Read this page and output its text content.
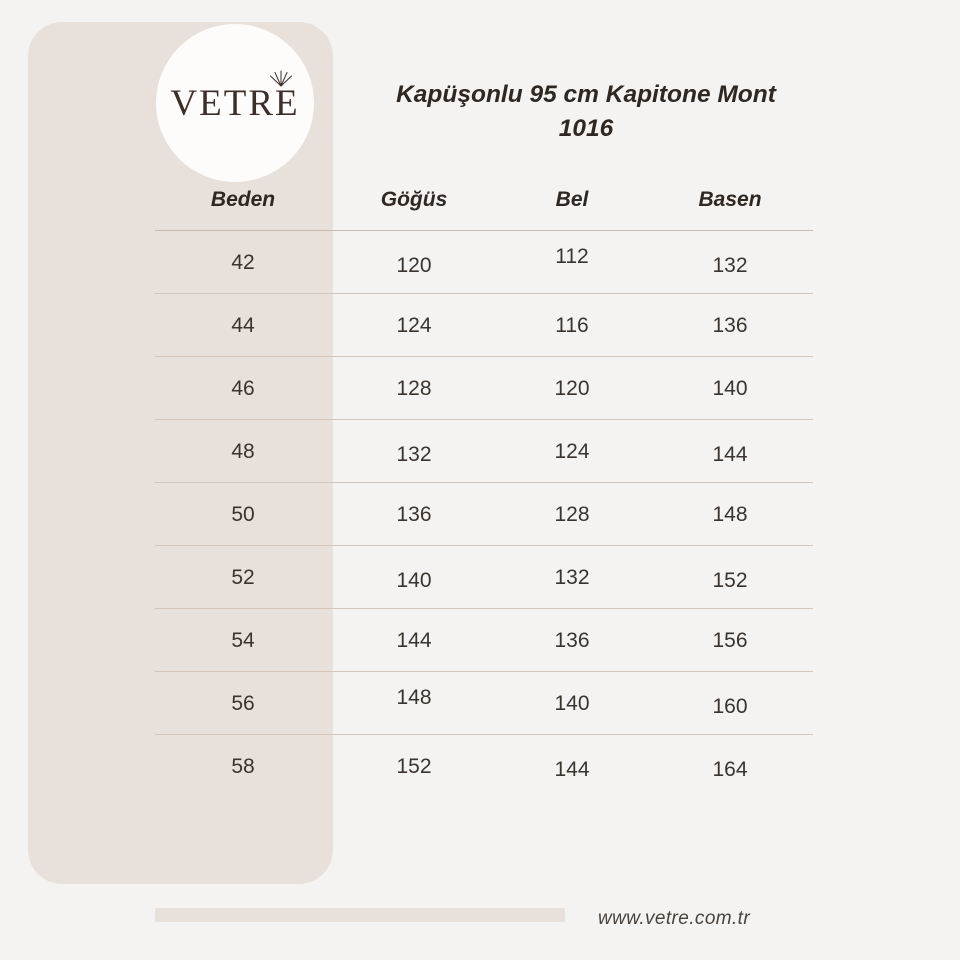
VETRE	Kapüşonlu 95 cm Kapitone Mont
1016
Beden	Göğüs	Bel	Basen
42	120	112	132
44	124	116	136
46	128	120	140
48	132	124	144
50	136	128	148
52	140	132	152
54	144	136	156
56	148	140	160
58	152	144	164
www.vetre.com.tr
